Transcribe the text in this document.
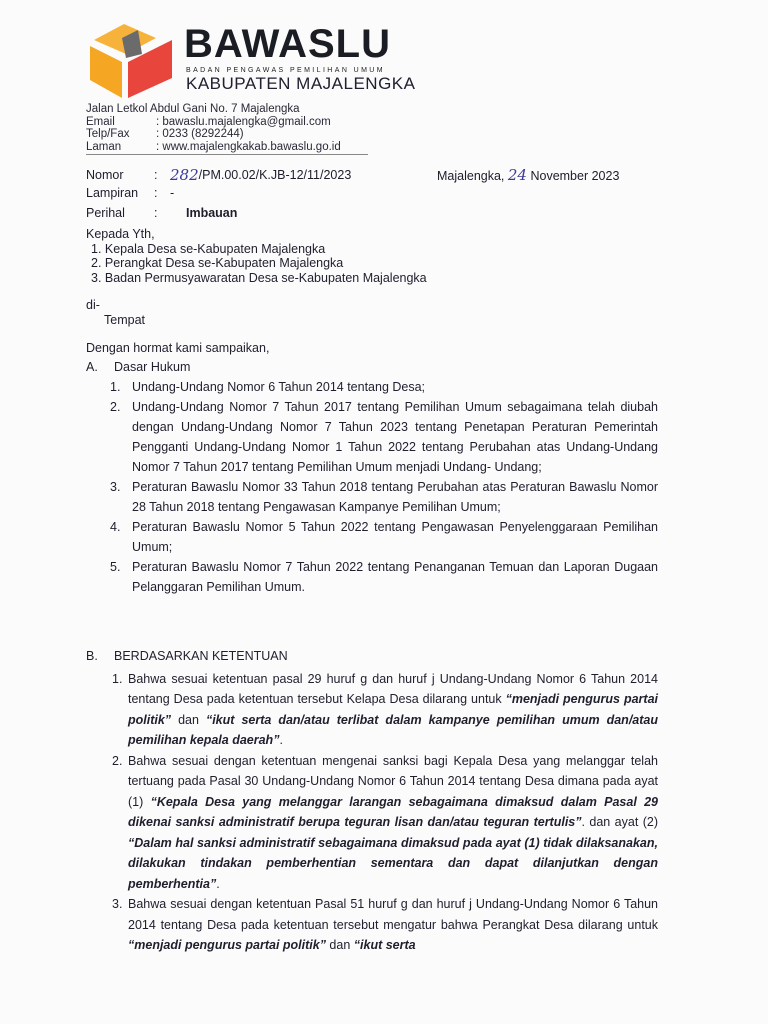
BAWASLU
BADAN PENGAWAS PEMILIHAN UMUM
KABUPATEN MAJALENGKA
Jalan Letkol Abdul Gani No. 7 Majalengka
Email	: bawaslu.majalengka@gmail.com
Telp/Fax	: 0233 (8292244)
Laman	: www.majalengkakab.bawaslu.go.id
Nomor	: 282 /PM.00.02/K.JB-12/11/2023
Lampiran	:	-
Perihal	:	Imbauan
Majalengka, 24 November 2023
Kepada Yth,
1. Kepala Desa se-Kabupaten Majalengka
2. Perangkat Desa se-Kabupaten Majalengka
3. Badan Permusyawaratan Desa se-Kabupaten Majalengka
di-
Tempat
Dengan hormat kami sampaikan,
A.	Dasar Hukum
1. Undang-Undang Nomor 6 Tahun 2014 tentang Desa;
2. Undang-Undang Nomor 7 Tahun 2017 tentang Pemilihan Umum sebagaimana telah diubah dengan Undang-Undang Nomor 7 Tahun 2023 tentang Penetapan Peraturan Pemerintah Pengganti Undang-Undang Nomor 1 Tahun 2022 tentang Perubahan atas Undang-Undang Nomor 7 Tahun 2017 tentang Pemilihan Umum menjadi Undang- Undang;
3. Peraturan Bawaslu Nomor 33 Tahun 2018 tentang Perubahan atas Peraturan Bawaslu Nomor 28 Tahun 2018 tentang Pengawasan Kampanye Pemilihan Umum;
4. Peraturan Bawaslu Nomor 5 Tahun 2022 tentang Pengawasan Penyelenggaraan Pemilihan Umum;
5. Peraturan Bawaslu Nomor 7 Tahun 2022 tentang Penanganan Temuan dan Laporan Dugaan Pelanggaran Pemilihan Umum.
B.	BERDASARKAN KETENTUAN
1. Bahwa sesuai ketentuan pasal 29 huruf g dan huruf j Undang-Undang Nomor 6 Tahun 2014 tentang Desa pada ketentuan tersebut Kelapa Desa dilarang untuk “menjadi pengurus partai politik” dan “ikut serta dan/atau terlibat dalam kampanye pemilihan umum dan/atau pemilihan kepala daerah”.
2. Bahwa sesuai dengan ketentuan mengenai sanksi bagi Kepala Desa yang melanggar telah tertuang pada Pasal 30 Undang-Undang Nomor 6 Tahun 2014 tentang Desa dimana pada ayat (1) “Kepala Desa yang melanggar larangan sebagaimana dimaksud dalam Pasal 29 dikenai sanksi administratif berupa teguran lisan dan/atau teguran tertulis”. dan ayat (2) “Dalam hal sanksi administratif sebagaimana dimaksud pada ayat (1) tidak dilaksanakan, dilakukan tindakan pemberhentian sementara dan dapat dilanjutkan dengan pemberhentia”.
3. Bahwa sesuai dengan ketentuan Pasal 51 huruf g dan huruf j Undang-Undang Nomor 6 Tahun 2014 tentang Desa pada ketentuan tersebut mengatur bahwa Perangkat Desa dilarang untuk “menjadi pengurus partai politik” dan “ikut serta
